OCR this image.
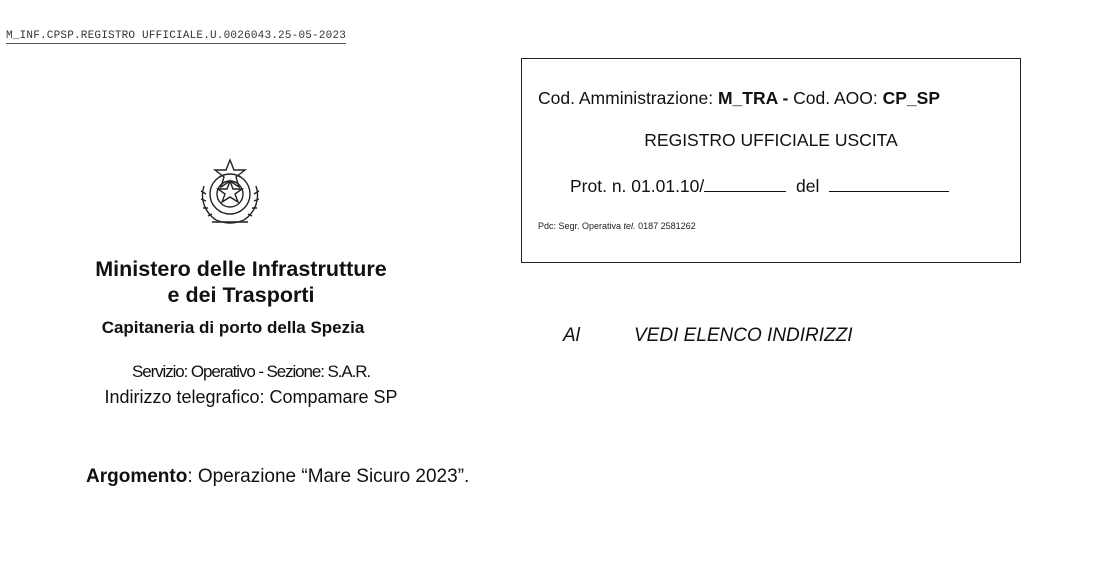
M_INF.CPSP.REGISTRO UFFICIALE.U.0026043.25-05-2023
Ministero delle Infrastrutture
e dei Trasporti
Capitaneria di porto della Spezia
Servizio: Operativo - Sezione: S.A.R.
Indirizzo telegrafico: Compamare SP
Cod. Amministrazione: M_TRA - Cod. AOO: CP_SP
REGISTRO UFFICIALE USCITA
Prot. n. 01.01.10/	del
Pdc: Segr. Operativa tel. 0187 2581262
Al	VEDI ELENCO INDIRIZZI
Argomento: Operazione “Mare Sicuro 2023”.
